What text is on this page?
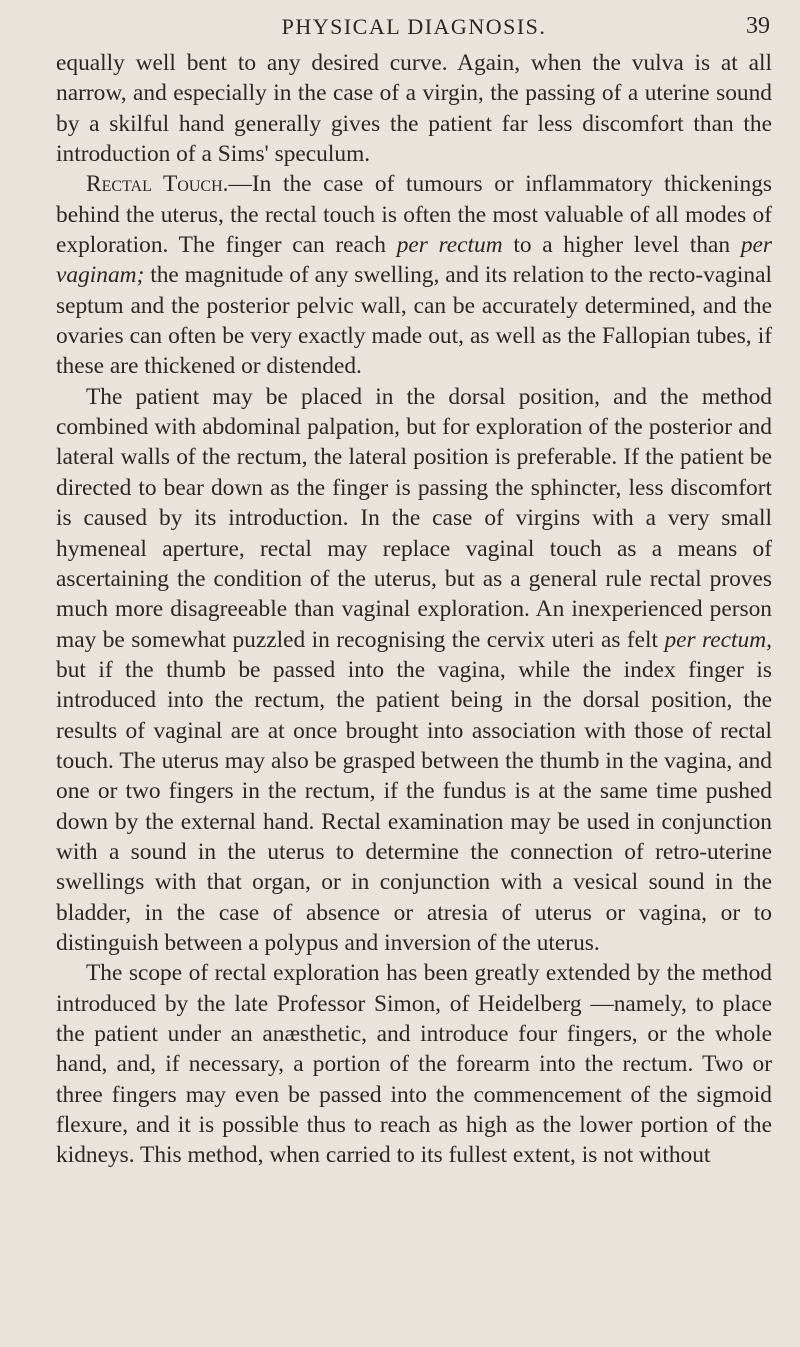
PHYSICAL DIAGNOSIS.	39

equally well bent to any desired curve. Again, when the vulva is at all narrow, and especially in the case of a virgin, the passing of a uterine sound by a skilful hand generally gives the patient far less discomfort than the introduction of a Sims' speculum.

Rectal Touch.—In the case of tumours or inflammatory thickenings behind the uterus, the rectal touch is often the most valuable of all modes of exploration. The finger can reach per rectum to a higher level than per vaginam; the magnitude of any swelling, and its relation to the recto-vaginal septum and the posterior pelvic wall, can be accurately determined, and the ovaries can often be very exactly made out, as well as the Fallopian tubes, if these are thickened or distended.

The patient may be placed in the dorsal position, and the method combined with abdominal palpation, but for exploration of the posterior and lateral walls of the rectum, the lateral position is preferable. If the patient be directed to bear down as the finger is passing the sphincter, less discomfort is caused by its introduction. In the case of virgins with a very small hymeneal aperture, rectal may replace vaginal touch as a means of ascertaining the condition of the uterus, but as a general rule rectal proves much more disagreeable than vaginal exploration. An inexperienced person may be somewhat puzzled in recognising the cervix uteri as felt per rectum, but if the thumb be passed into the vagina, while the index finger is introduced into the rectum, the patient being in the dorsal position, the results of vaginal are at once brought into association with those of rectal touch. The uterus may also be grasped between the thumb in the vagina, and one or two fingers in the rectum, if the fundus is at the same time pushed down by the external hand. Rectal examination may be used in conjunction with a sound in the uterus to determine the connection of retro-uterine swellings with that organ, or in conjunction with a vesical sound in the bladder, in the case of absence or atresia of uterus or vagina, or to distinguish between a polypus and inversion of the uterus.

The scope of rectal exploration has been greatly extended by the method introduced by the late Professor Simon, of Heidelberg —namely, to place the patient under an anæsthetic, and introduce four fingers, or the whole hand, and, if necessary, a portion of the forearm into the rectum. Two or three fingers may even be passed into the commencement of the sigmoid flexure, and it is possible thus to reach as high as the lower portion of the kidneys. This method, when carried to its fullest extent, is not without
